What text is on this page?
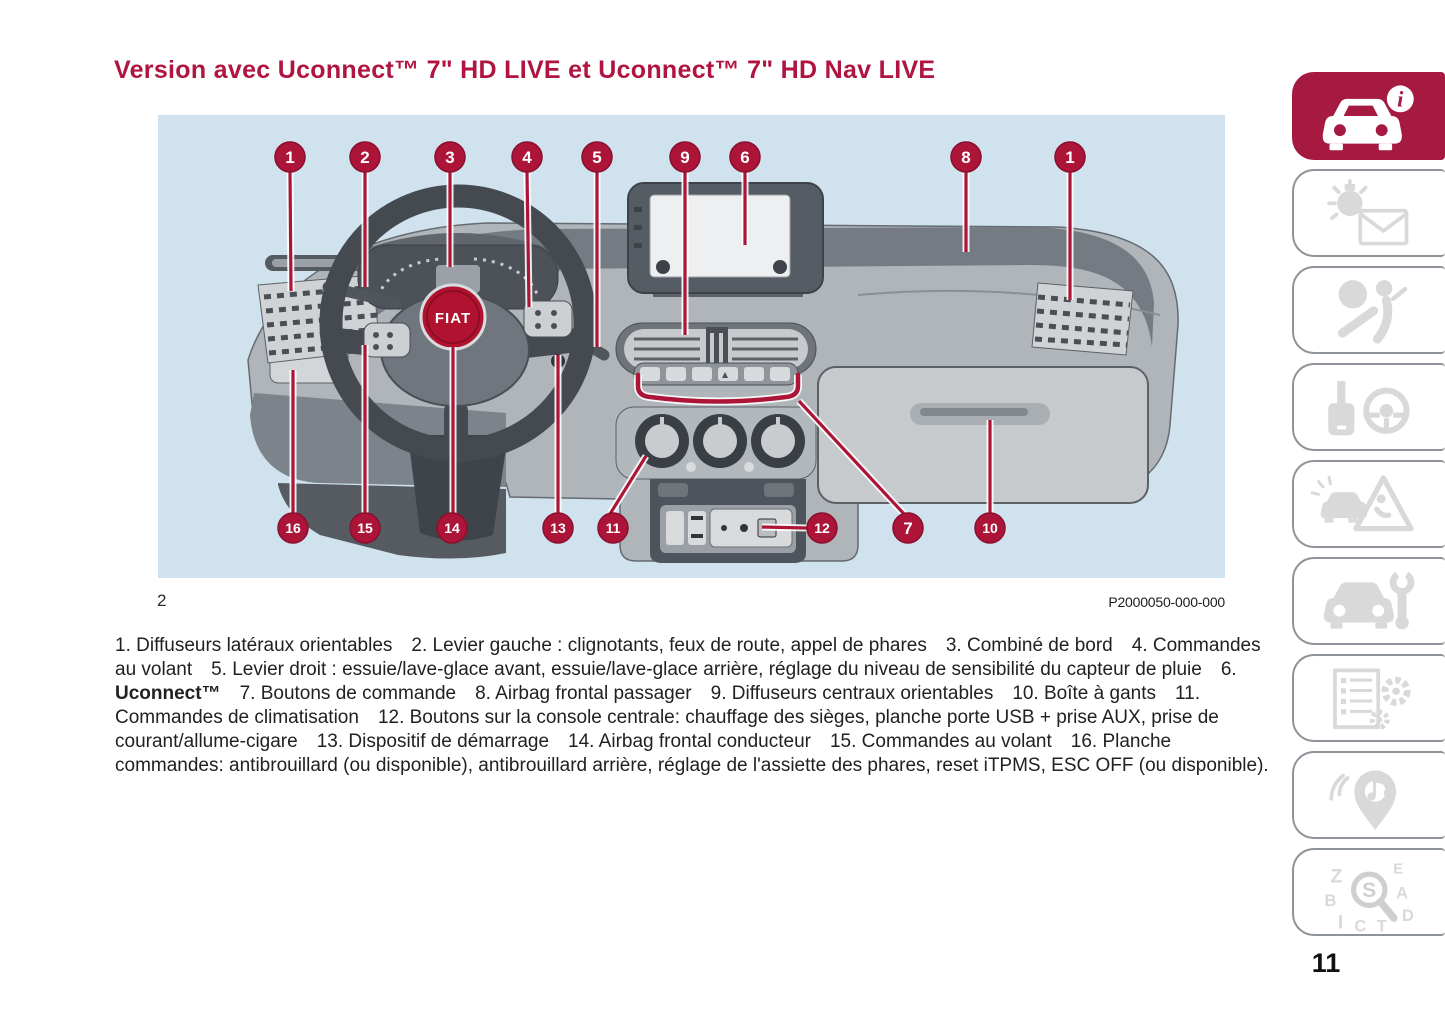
Version avec Uconnect™ 7" HD LIVE et Uconnect™ 7" HD Nav LIVE
FIAT
1	2	3	4	5	9	6	8	1
16	15	14	13	11	12	7	10
2	P2000050-000-000
1. Diffuseurs latéraux orientables  2. Levier gauche : clignotants, feux de route, appel de phares  3. Combiné de bord  4. Commandes au volant  5. Levier droit : essuie/lave-glace avant, essuie/lave-glace arrière, réglage du niveau de sensibilité du capteur de pluie  6. Uconnect™  7. Boutons de commande  8. Airbag frontal passager  9. Diffuseurs centraux orientables  10. Boîte à gants  11. Commandes de climatisation  12. Boutons sur la console centrale: chauffage des sièges, planche porte USB + prise AUX, prise de courant/allume-cigare  13. Dispositif de démarrage  14. Airbag frontal conducteur  15. Commandes au volant  16. Planche commandes: antibrouillard (ou disponible), antibrouillard arrière, réglage de l'assiette des phares, reset iTPMS, ESC OFF (ou disponible).
11
i
Z	E
B	A
D
I C T
S
